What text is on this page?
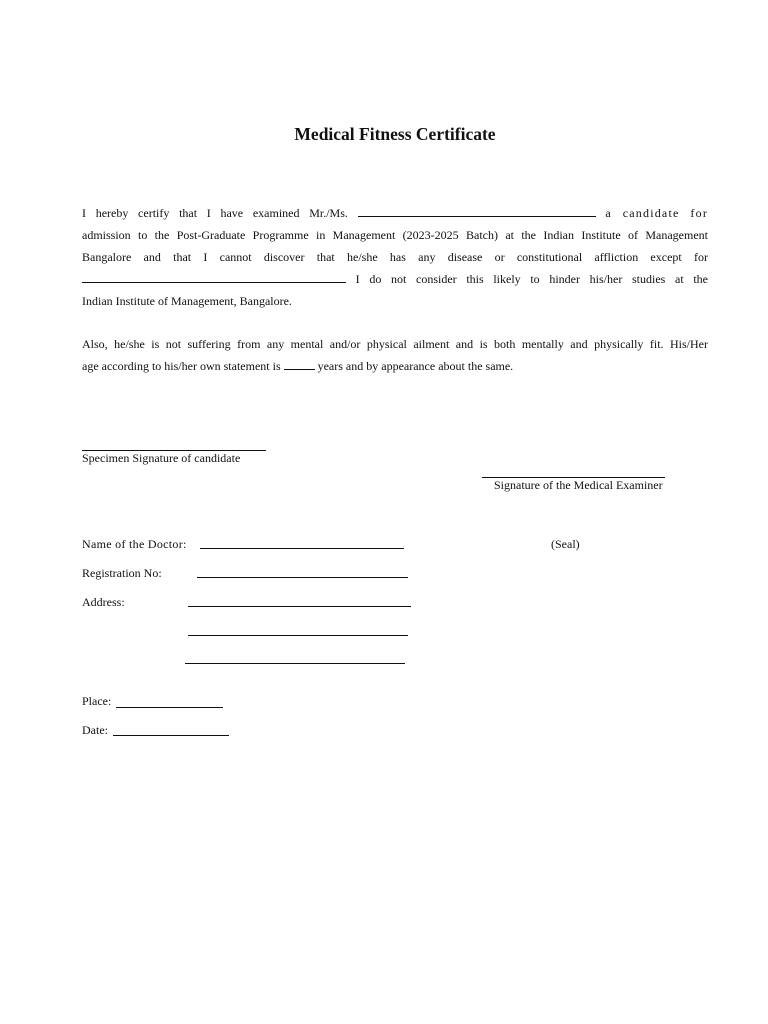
Medical Fitness Certificate
I hereby certify that I have examined Mr./Ms.	a candidate for
admission to the Post-Graduate Programme in Management (2023-2025 Batch) at the Indian Institute of Management
Bangalore and that I cannot discover that he/she has any disease or constitutional affliction except for
I do not consider this likely to hinder his/her studies at the
Indian Institute of Management, Bangalore.
Also, he/she is not suffering from any mental and/or physical ailment and is both mentally and physically fit. His/Her
age according to his/her own statement is	years and by appearance about the same.
Specimen Signature of candidate
Signature of the Medical Examiner
Name of the Doctor:	(Seal)
Registration No:
Address:
Place:
Date:
